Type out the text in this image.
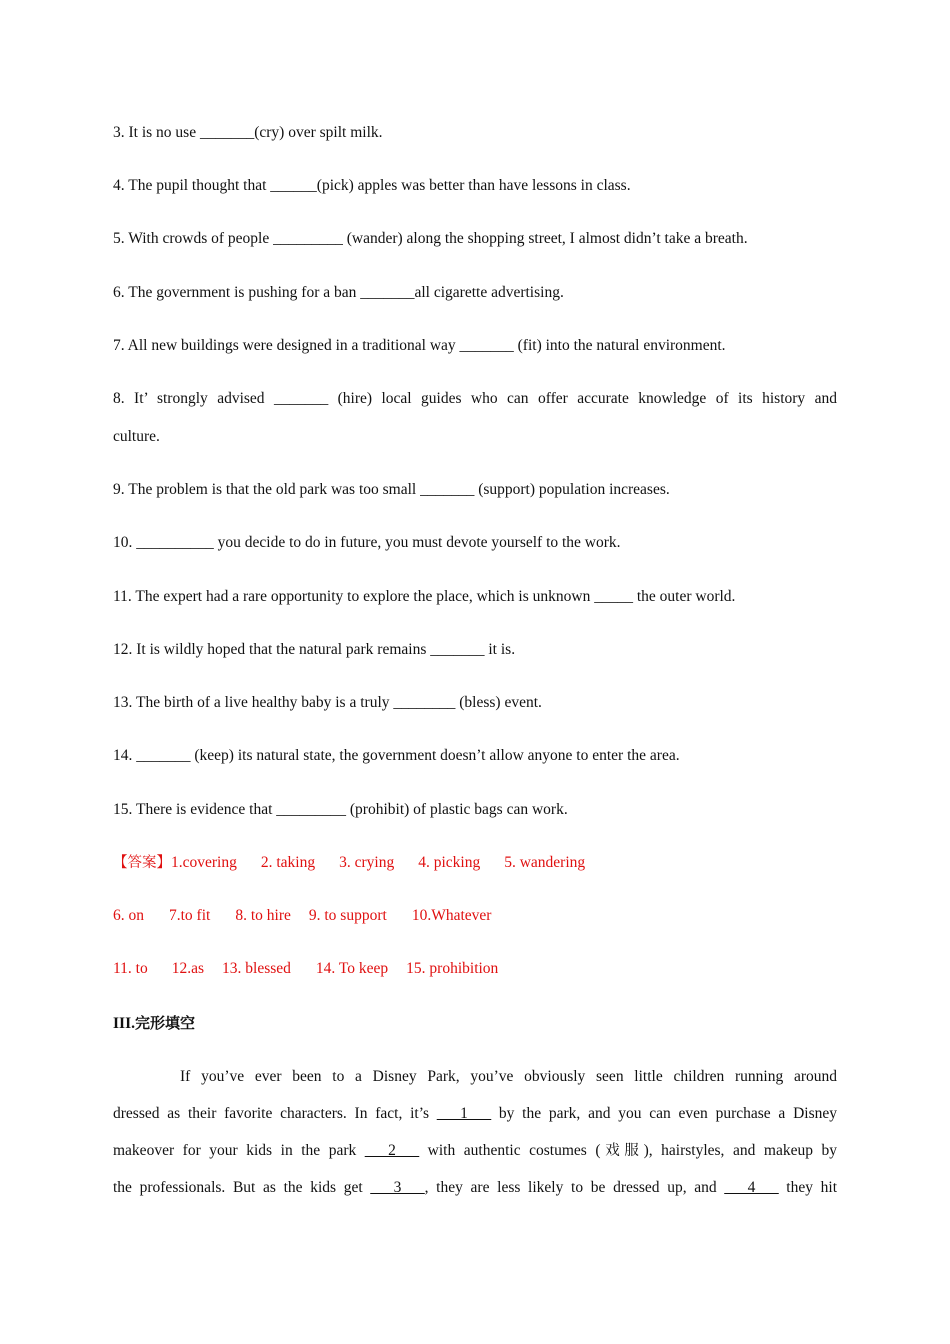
3. It is no use _______(cry) over spilt milk.
4. The pupil thought that ______(pick) apples was better than have lessons in class.
5. With crowds of people _________ (wander) along the shopping street, I almost didn’t take a breath.
6. The government is pushing for a ban _______all cigarette advertising.
7. All new buildings were designed in a traditional way _______ (fit) into the natural environment.
8. It’ strongly advised _______ (hire) local guides who can offer accurate knowledge of its history and
culture.
9. The problem is that the old park was too small _______ (support) population increases.
10. __________ you decide to do in future, you must devote yourself to the work.
11. The expert had a rare opportunity to explore the place, which is unknown _____ the outer world.
12. It is wildly hoped that the natural park remains _______ it is.
13. The birth of a live healthy baby is a truly ________ (bless) event.
14. _______ (keep) its natural state, the government doesn’t allow anyone to enter the area.
15. There is evidence that _________ (prohibit) of plastic bags can work.
【答案】1.covering 2. taking 3. crying 4. picking 5. wandering
6. on 7.to fit 8. to hire 9. to support 10.Whatever
11. to 12.as 13. blessed 14. To keep 15. prohibition
III.完形填空
If you’ve ever been to a Disney Park, you’ve obviously seen little children running around
dressed as their favorite characters. In fact, it’s ___1___ by the park, and you can even purchase a Disney
makeover for your kids in the park ___2___ with authentic costumes (戏服), hairstyles, and makeup by
the professionals. But as the kids get ___3___, they are less likely to be dressed up, and ___4___ they hit
